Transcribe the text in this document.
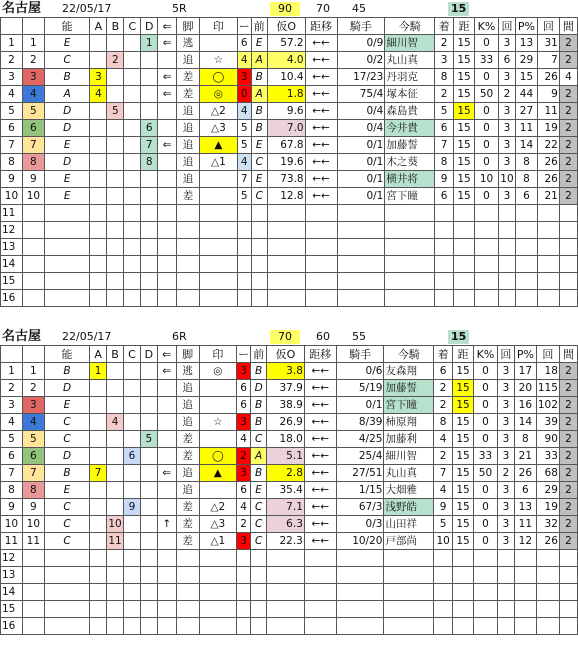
名古屋 22/05/17	5R	90	70 45	15
		能	A	B	C	D	⇐	脚	印	ー	前	仮O	距移	騎手	今騎	着	距	K%	回	P%	回	間
1	1	E				1	⇐	逃		6	E	57.2	←←	0/9	細川智	2	15	0	3	13	31	2
2	2	C		2				追	☆	4	A	4.0	←←	0/2	丸山真	3	15	33	6	29	7	2
3	3	B	3				⇐	差	◯	3	B	10.4	←←	17/23	丹羽克	8	15	0	3	15	26	4
4	4	A	4				⇐	差	◎	0	A	1.8	←←	75/4	塚本征	2	15	50	2	44	9	2
5	5	D		5				追	△2	4	B	9.6	←←	0/4	森島貴	5	15	0	3	27	11	2
6	6	D				6		追	△3	5	B	7.0	←←	0/4	今井貴	6	15	0	3	11	19	2
7	7	E				7	⇐	追	▲	5	E	67.8	←←	0/1	加藤誓	7	15	0	3	14	22	2
8	8	D				8		追	△1	4	C	19.6	←←	0/1	木之葵	8	15	0	3	8	26	2
9	9	E						追		7	E	73.8	←←	0/1	横井将	9	15	10	10	8	26	2
10	10	E						差		5	C	12.8	←←	0/1	宮下瞳	6	15	0	3	6	21	2
11																						
12																						
13																						
14																						
15																						
16																						
名古屋 22/05/17	6R	70	60 55	15
		能	A	B	C	D	⇐	脚	印	ー	前	仮O	距移	騎手	今騎	着	距	K%	回	P%	回	間
1	1	B	1				⇐	逃	◎	3	B	3.8	←←	0/6	友森翔	6	15	0	3	17	18	2
2	2	D						追		6	D	37.9	←←	5/19	加藤誓	2	15	0	3	20	115	2
3	3	E						追		6	B	38.9	←←	0/1	宮下瞳	2	15	0	3	16	102	2
4	4	C		4				追	☆	3	B	26.9	←←	8/39	柿原翔	8	15	0	3	14	39	2
5	5	C				5		差		4	C	18.0	←←	4/25	加藤利	4	15	0	3	8	90	2
6	6	D			6			差	◯	2	A	5.1	←←	25/4	細川智	2	15	33	3	21	33	2
7	7	B	7				⇐	追	▲	3	B	2.8	←←	27/51	丸山真	7	15	50	2	26	68	2
8	8	E						追		6	E	35.4	←←	1/15	大畑雅	4	15	0	3	6	29	2
9	9	C			9			差	△2	4	C	7.1	←←	67/3	浅野皓	9	15	0	3	13	19	2
10	10	C		10			↑	差	△3	2	C	6.3	←←	0/3	山田祥	5	15	0	3	11	32	2
11	11	C		11				差	△1	3	C	22.3	←←	10/20	戸部尚	10	15	0	3	12	26	2
12																						
13																						
14																						
15																						
16																						
